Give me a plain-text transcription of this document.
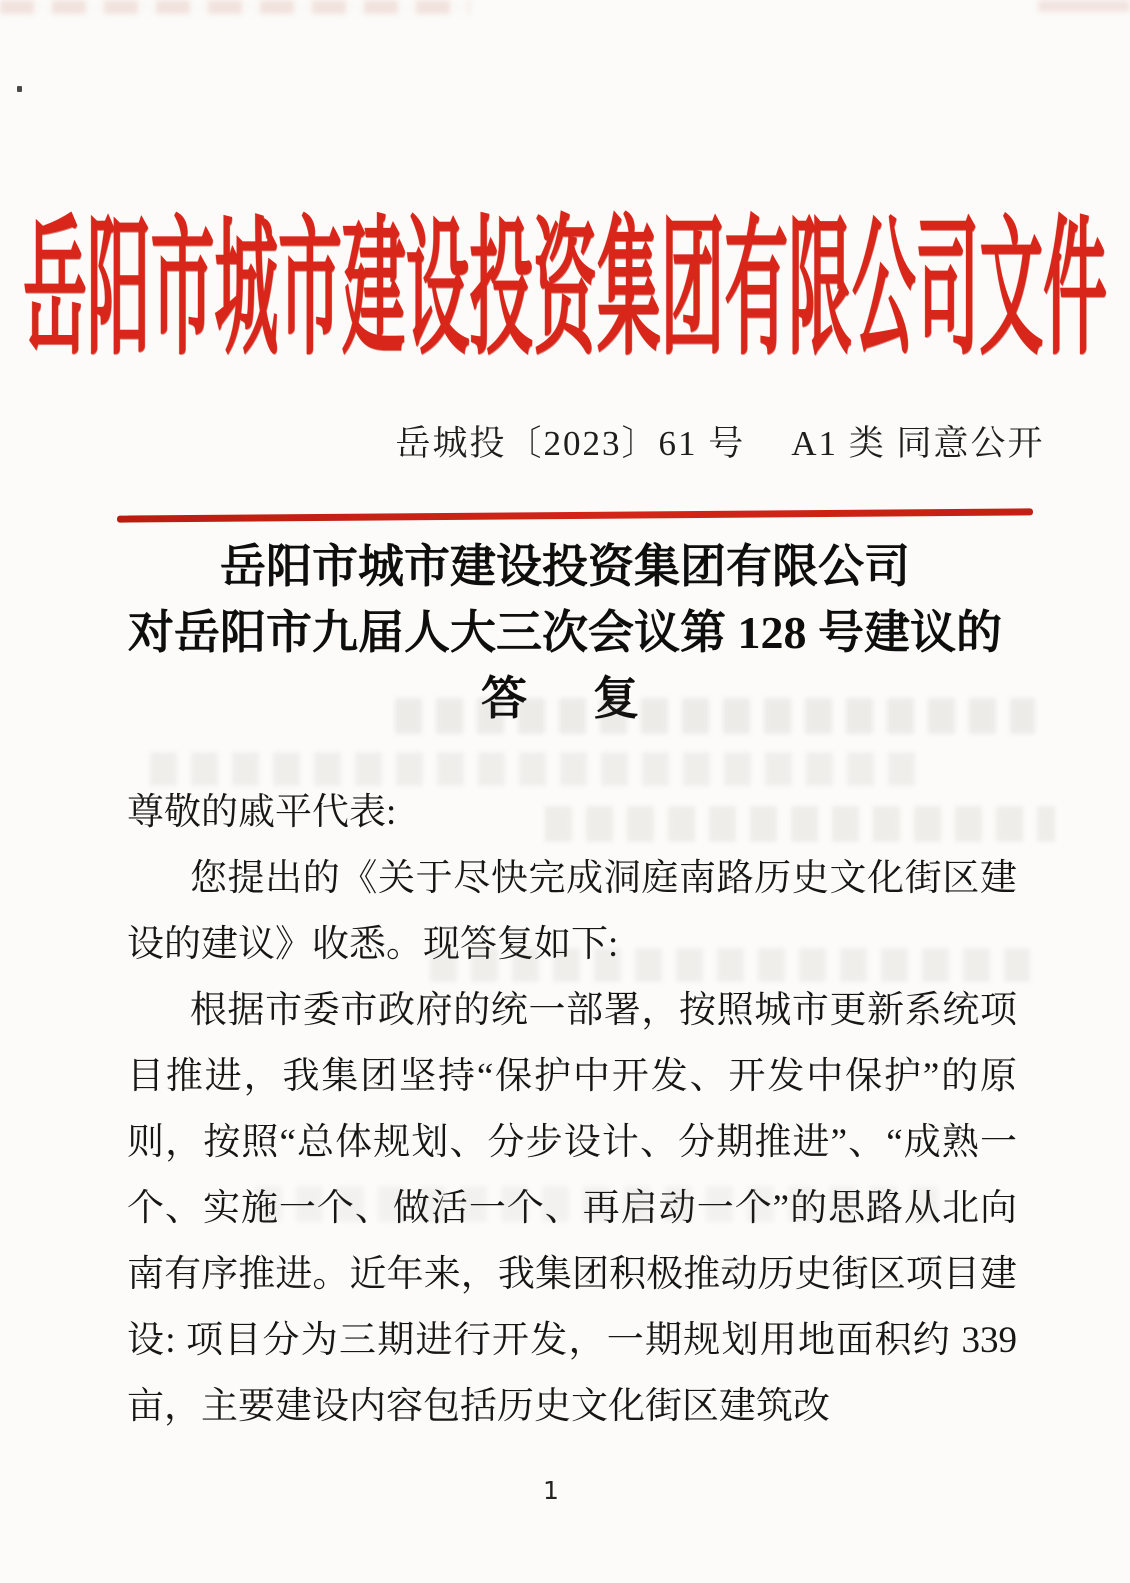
岳阳市城市建设投资集团有限公司文件
岳城投〔2023〕61 号 A1 类 同意公开
岳阳市城市建设投资集团有限公司
对岳阳市九届人大三次会议第 128 号建议的
答　复

尊敬的戚平代表:

您提出的《关于尽快完成洞庭南路历史文化街区建设的建议》收悉。现答复如下:

根据市委市政府的统一部署，按照城市更新系统项目推进，我集团坚持“保护中开发、开发中保护”的原则，按照“总体规划、分步设计、分期推进”、“成熟一个、实施一个、做活一个、再启动一个”的思路从北向南有序推进。近年来，我集团积极推动历史街区项目建设: 项目分为三期进行开发，一期规划用地面积约 339 亩，主要建设内容包括历史文化街区建筑改

1
